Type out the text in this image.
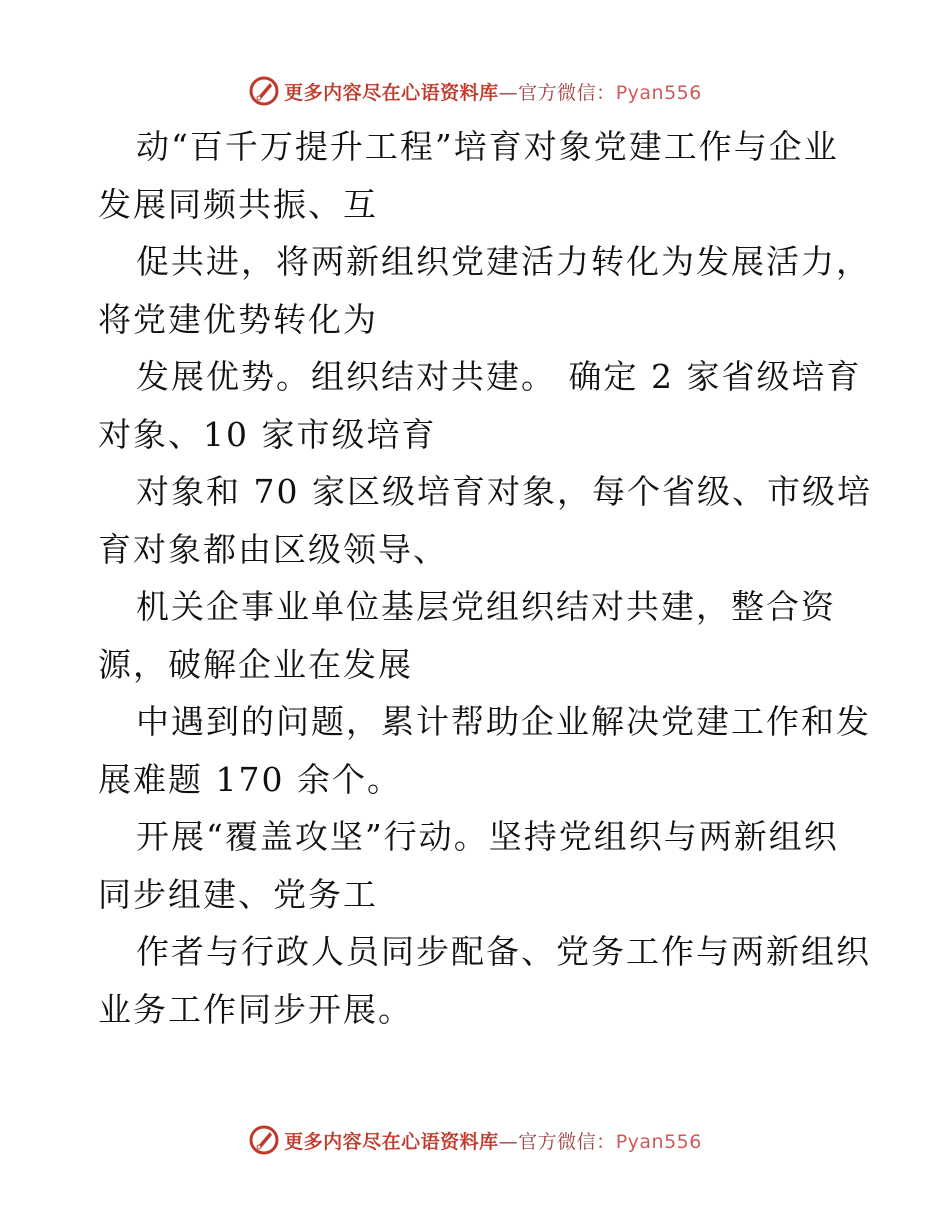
更多内容尽在心语资料库—官方微信：Pyan556
动“百千万提升工程”培育对象党建工作与企业
发展同频共振、互
促共进，将两新组织党建活力转化为发展活力，
将党建优势转化为
发展优势。组织结对共建。 确定 2 家省级培育
对象、10 家市级培育
对象和 70 家区级培育对象，每个省级、市级培
育对象都由区级领导、
机关企事业单位基层党组织结对共建，整合资
源，破解企业在发展
中遇到的问题，累计帮助企业解决党建工作和发
展难题 170 余个。
开展“覆盖攻坚”行动。坚持党组织与两新组织
同步组建、党务工
作者与行政人员同步配备、党务工作与两新组织
业务工作同步开展。
更多内容尽在心语资料库—官方微信：Pyan556
